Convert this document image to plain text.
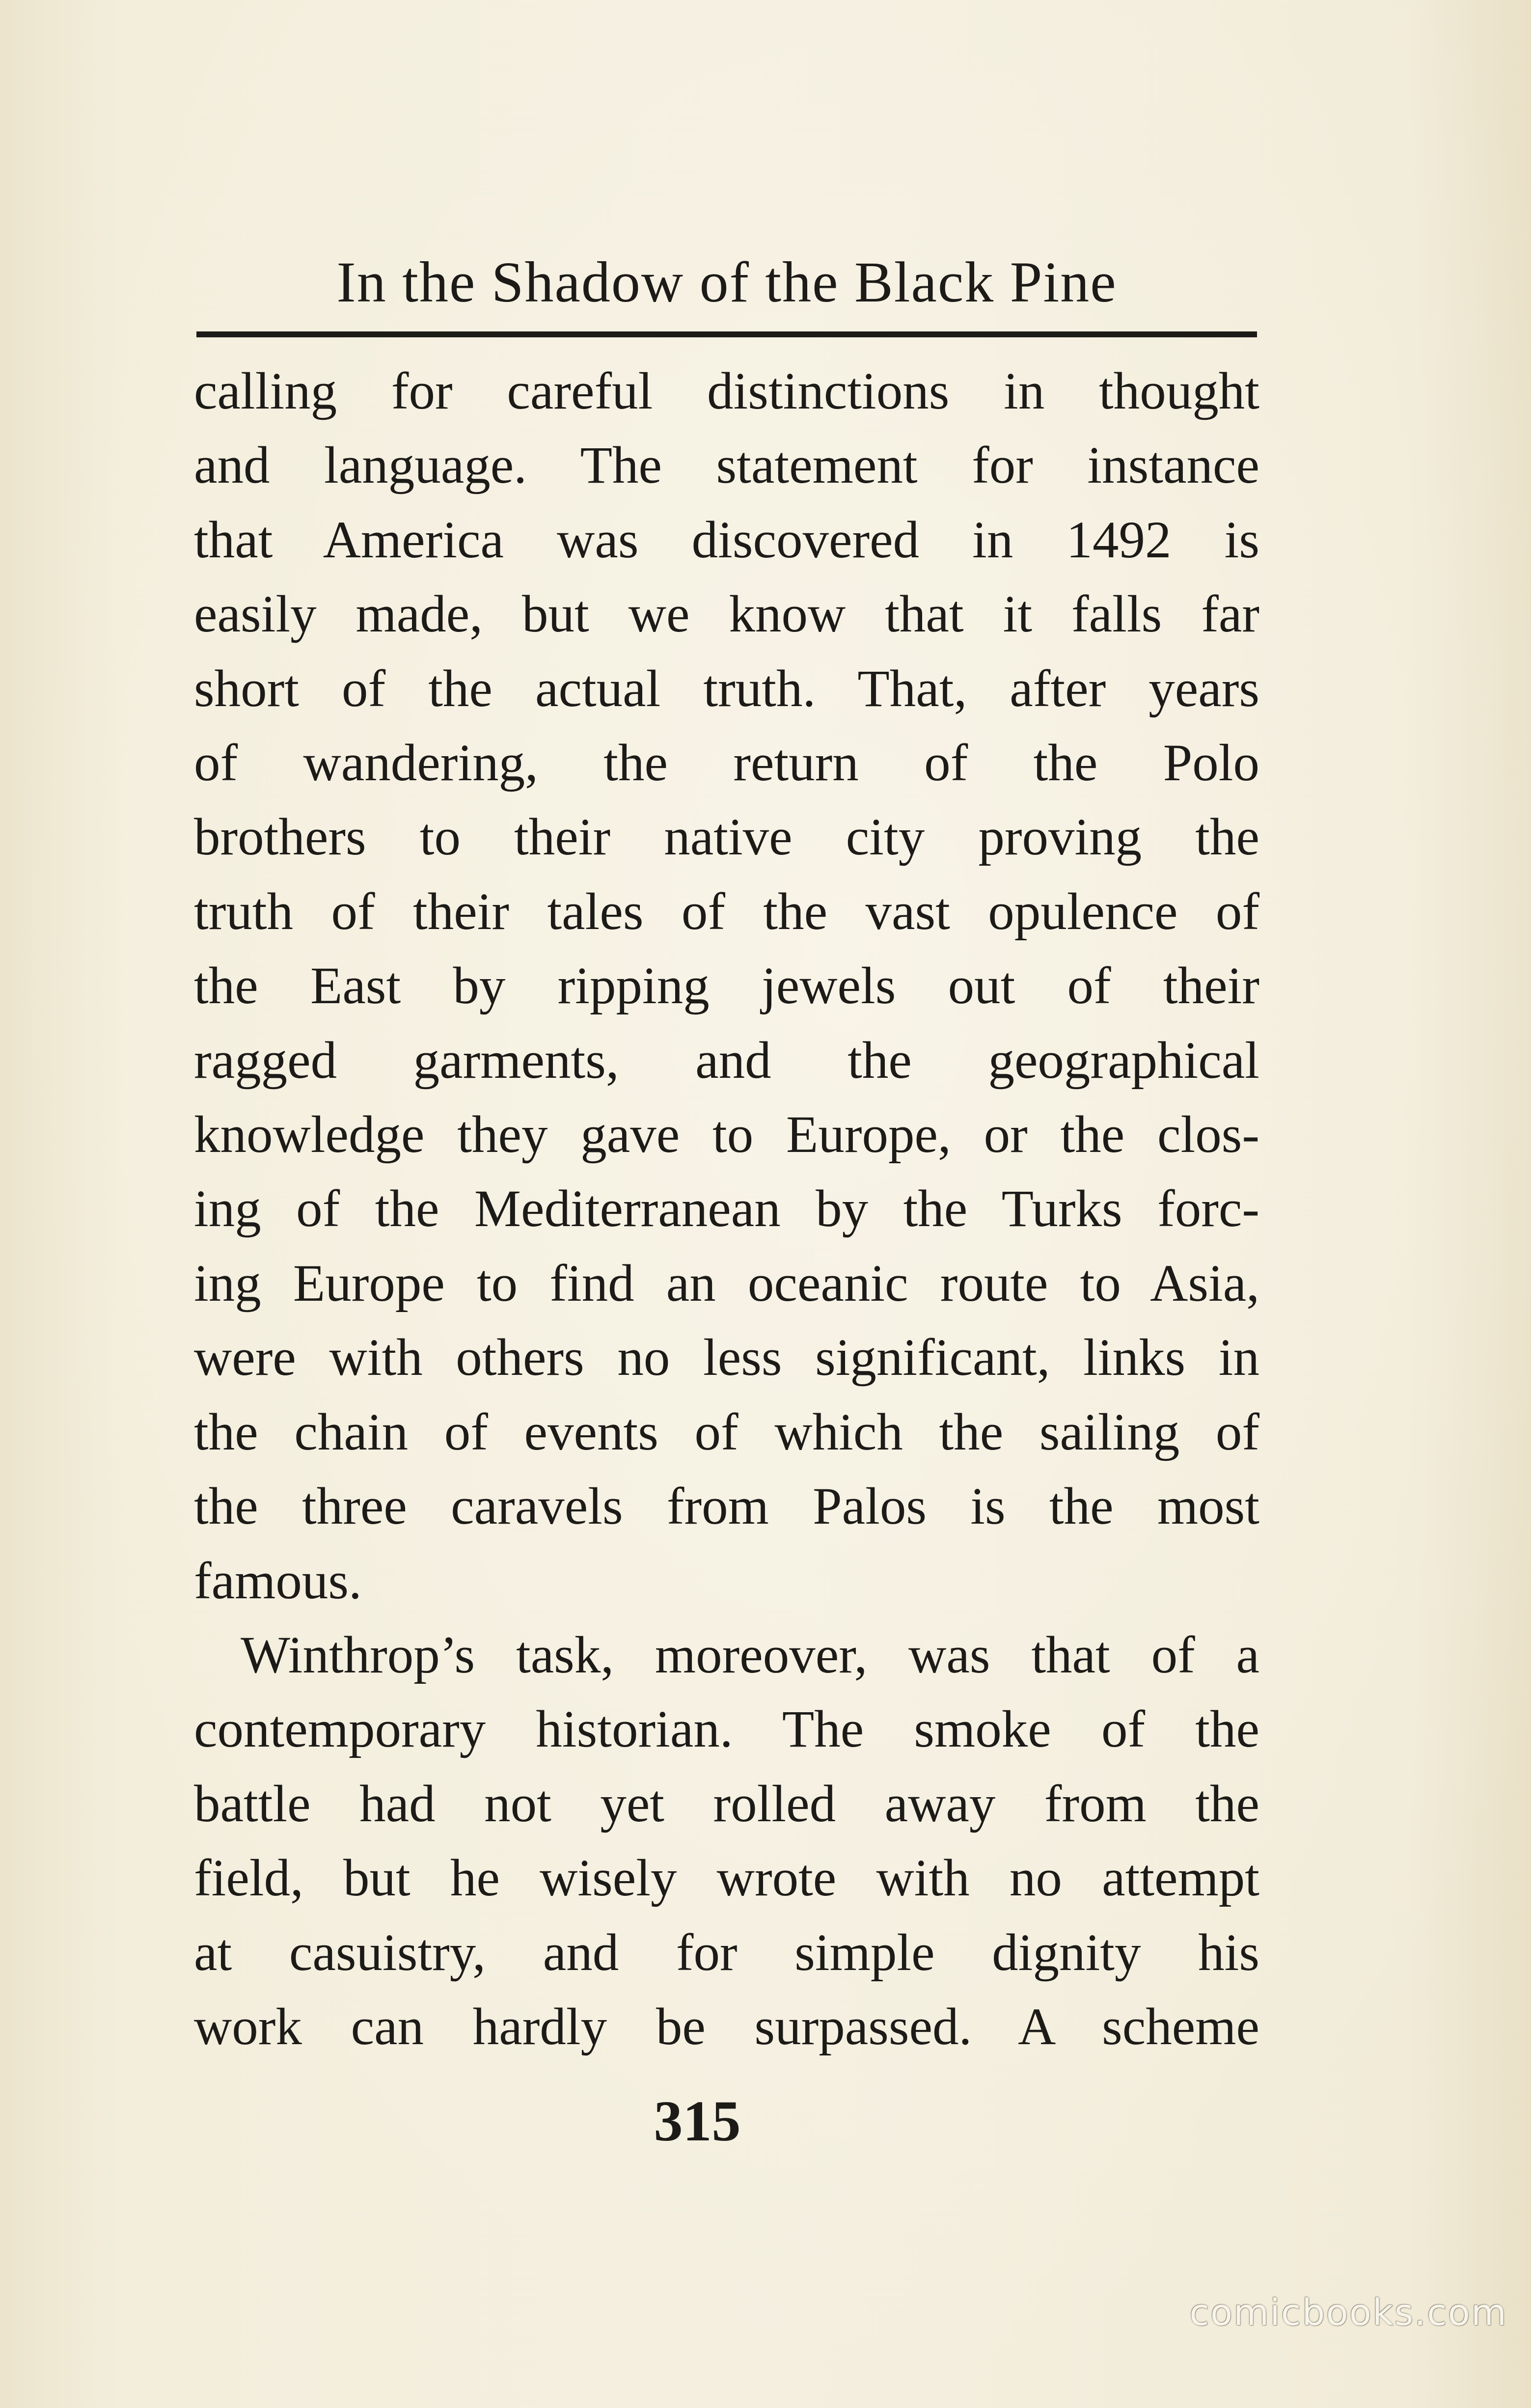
In the Shadow of the Black Pine

calling for careful distinctions in thought

and language. The statement for instance

that America was discovered in 1492 is

easily made, but we know that it falls far

short of the actual truth. That, after years

of wandering, the return of the Polo

brothers to their native city proving the

truth of their tales of the vast opulence of

the East by ripping jewels out of their

ragged garments, and the geographical

knowledge they gave to Europe, or the clos-

ing of the Mediterranean by the Turks forc-

ing Europe to find an oceanic route to Asia,

were with others no less significant, links in

the chain of events of which the sailing of

the three caravels from Palos is the most

famous.

Winthrop’s task, moreover, was that of a

contemporary historian. The smoke of the

battle had not yet rolled away from the

field, but he wisely wrote with no attempt

at casuistry, and for simple dignity his

work can hardly be surpassed. A scheme

315
comicbooks.com
